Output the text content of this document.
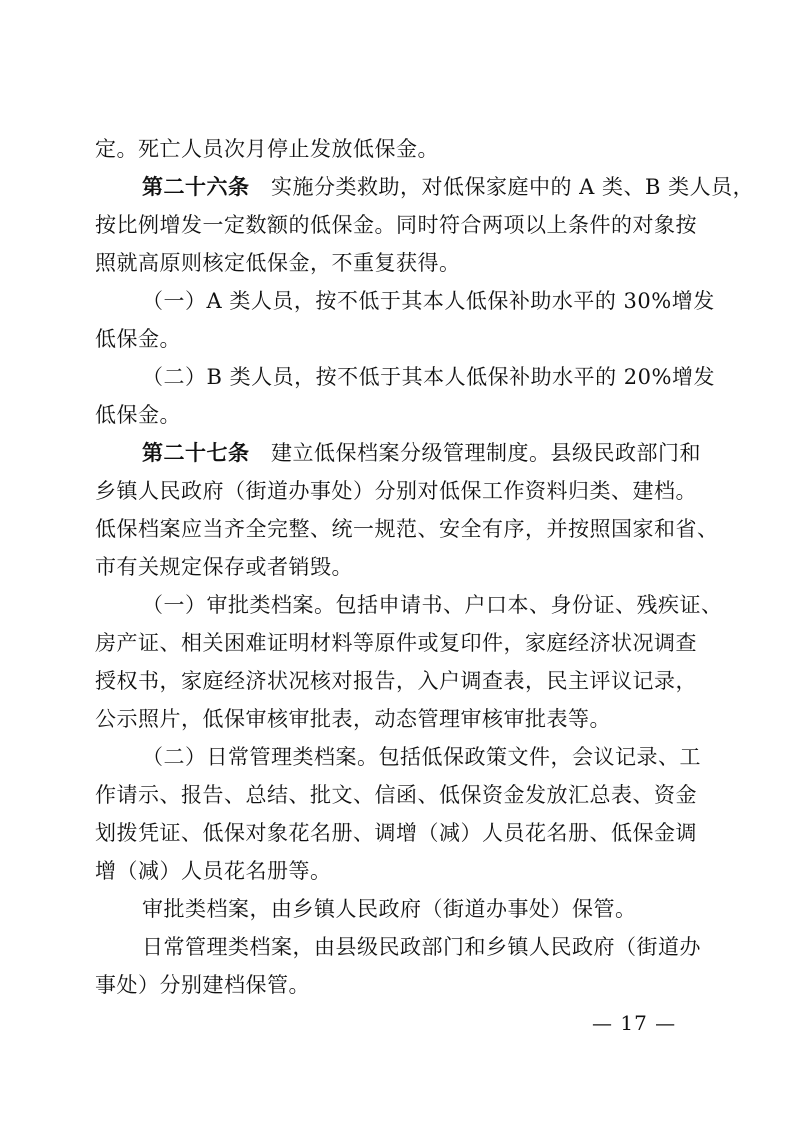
定。死亡人员次月停止发放低保金。
第二十六条  实施分类救助，对低保家庭中的 A 类、B 类人员，
按比例增发一定数额的低保金。同时符合两项以上条件的对象按
照就高原则核定低保金，不重复获得。
（一）A 类人员，按不低于其本人低保补助水平的 30%增发
低保金。
（二）B 类人员，按不低于其本人低保补助水平的 20%增发
低保金。
第二十七条  建立低保档案分级管理制度。县级民政部门和
乡镇人民政府（街道办事处）分别对低保工作资料归类、建档。
低保档案应当齐全完整、统一规范、安全有序，并按照国家和省、
市有关规定保存或者销毁。
（一）审批类档案。包括申请书、户口本、身份证、残疾证、
房产证、相关困难证明材料等原件或复印件，家庭经济状况调查
授权书，家庭经济状况核对报告，入户调查表，民主评议记录，
公示照片，低保审核审批表，动态管理审核审批表等。
（二）日常管理类档案。包括低保政策文件，会议记录、工
作请示、报告、总结、批文、信函、低保资金发放汇总表、资金
划拨凭证、低保对象花名册、调增（减）人员花名册、低保金调
增（减）人员花名册等。
审批类档案，由乡镇人民政府（街道办事处）保管。
日常管理类档案，由县级民政部门和乡镇人民政府（街道办
事处）分别建档保管。
— 17 —
